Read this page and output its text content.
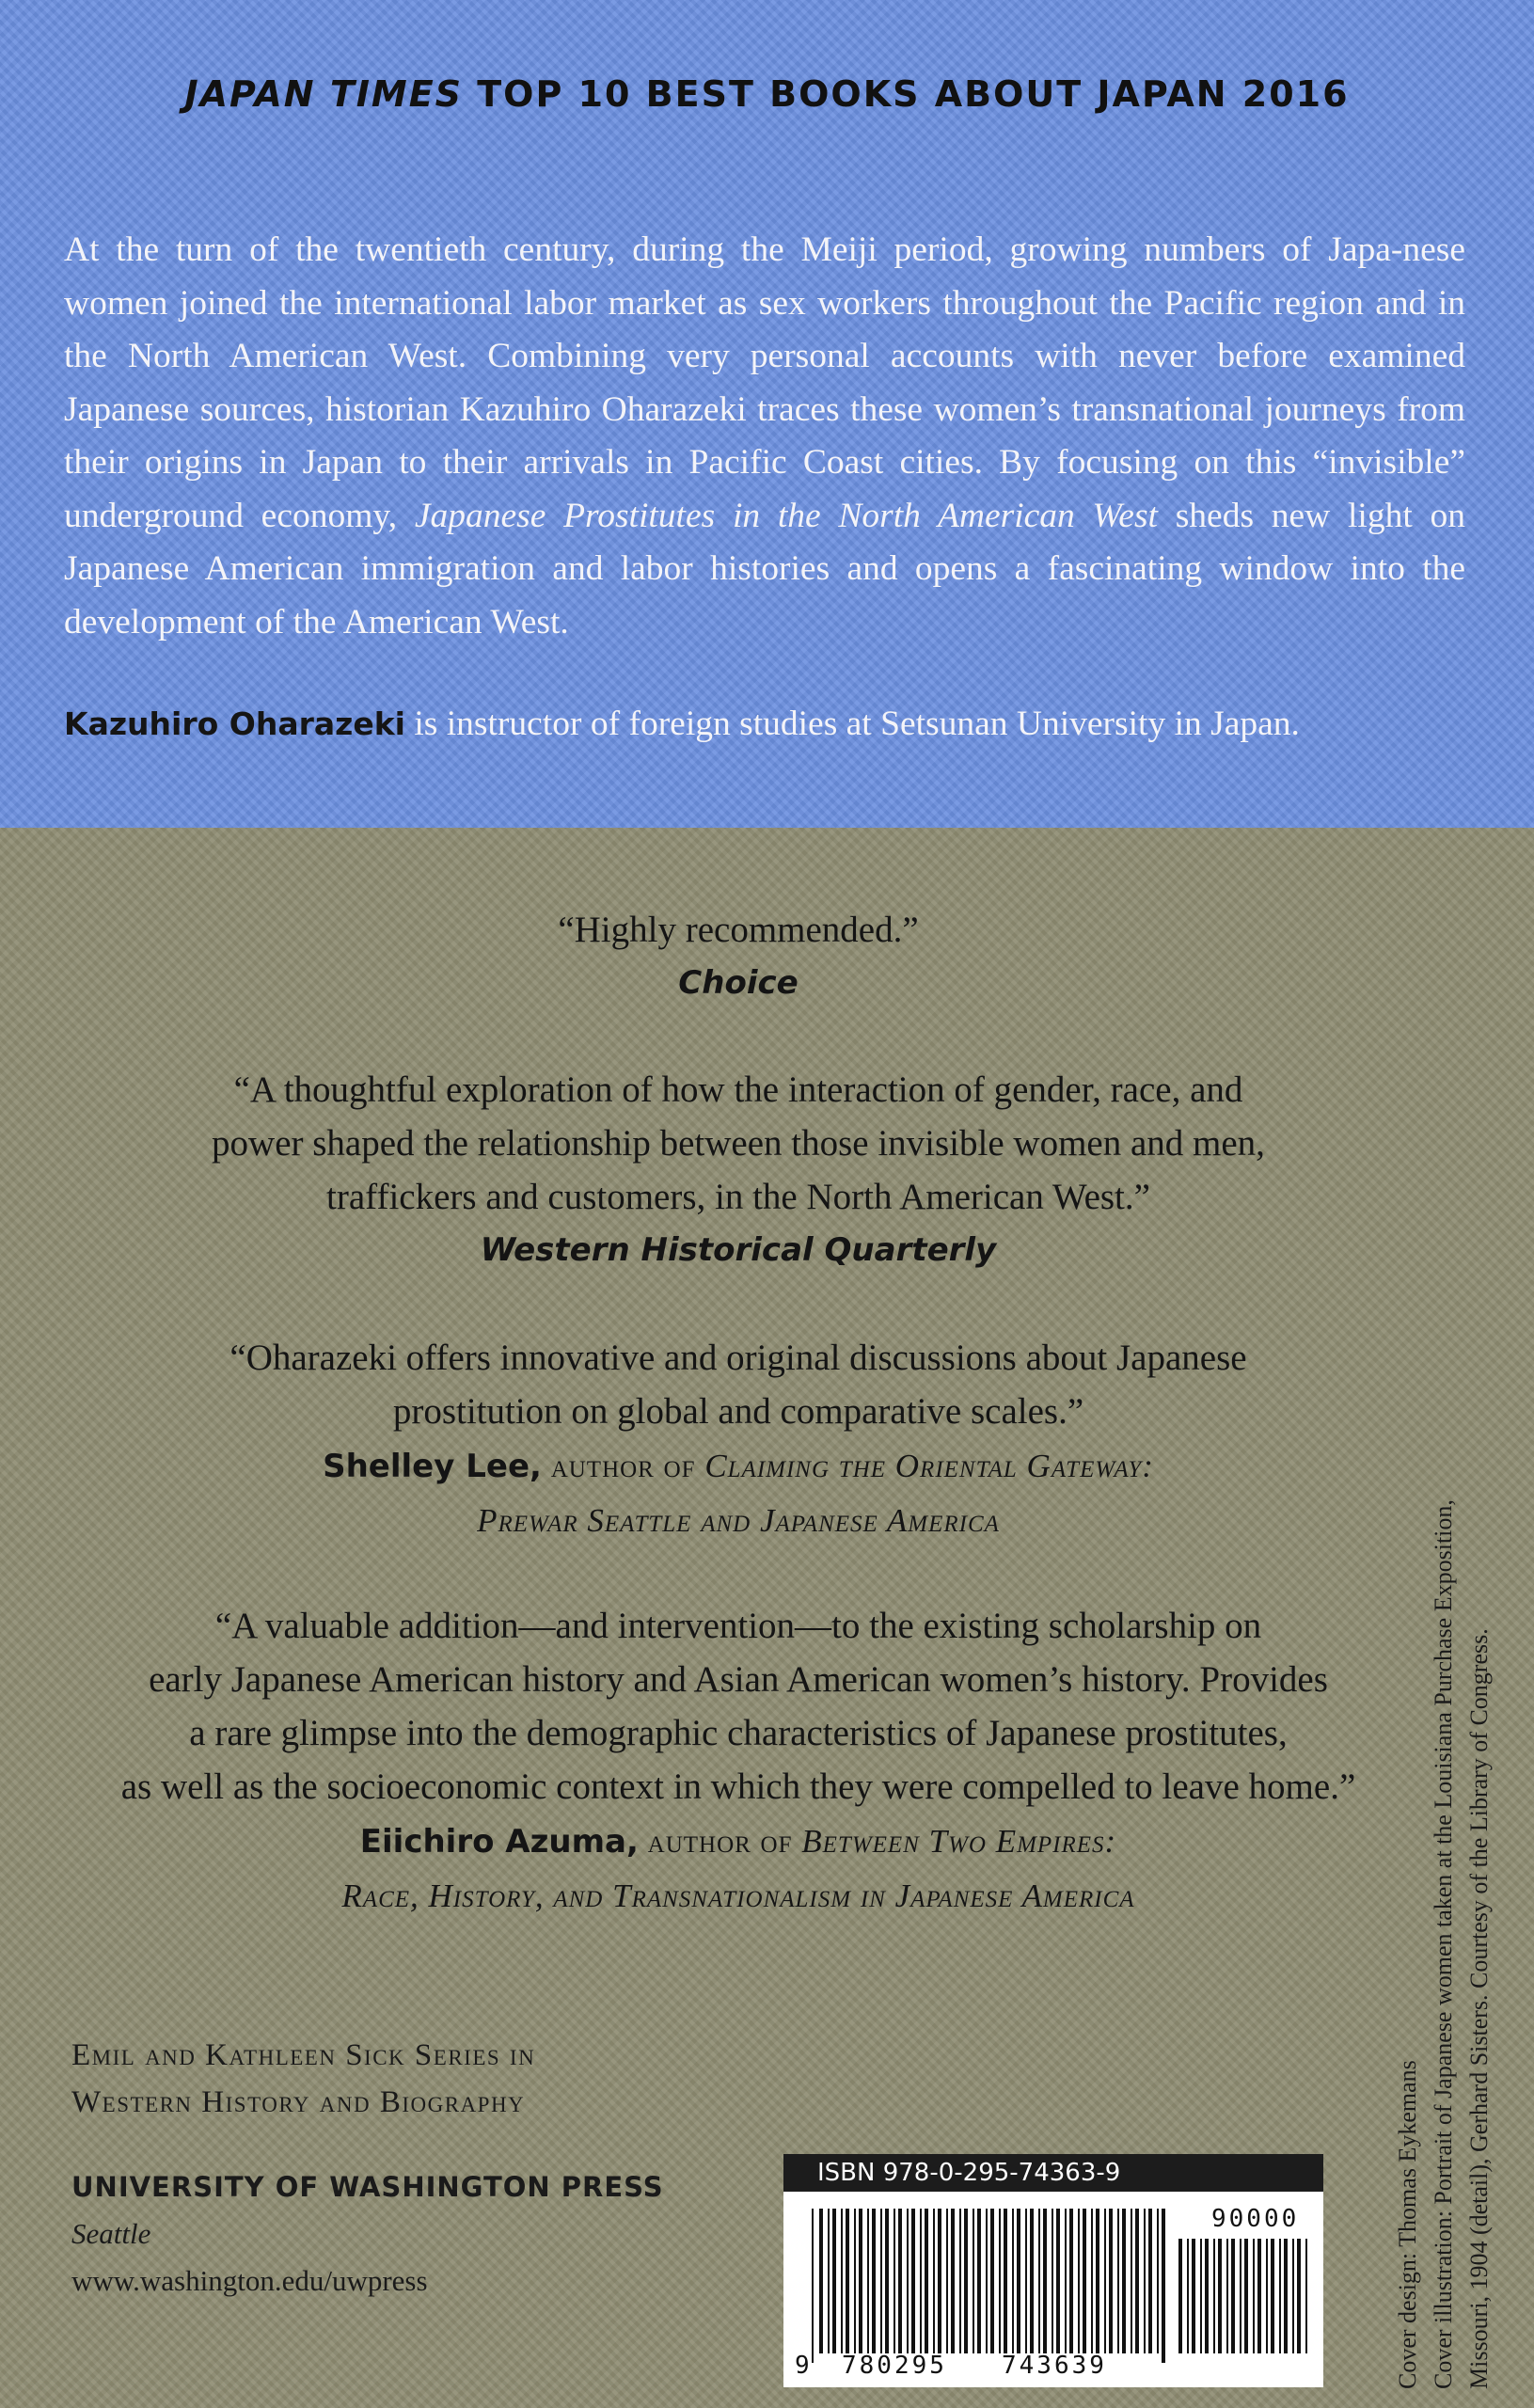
JAPAN TIMES TOP 10 BEST BOOKS ABOUT JAPAN 2016
At the turn of the twentieth century, during the Meiji period, growing numbers of Japa-nese women joined the international labor market as sex workers throughout the Pacific region and in the North American West. Combining very personal accounts with never before examined Japanese sources, historian Kazuhiro Oharazeki traces these women’s transnational journeys from their origins in Japan to their arrivals in Pacific Coast cities. By focusing on this “invisible” underground economy, Japanese Prostitutes in the North American West sheds new light on Japanese American immigration and labor histories and opens a fascinating window into the development of the American West.
Kazuhiro Oharazeki is instructor of foreign studies at Setsunan University in Japan.
“Highly recommended.”
Choice
“A thoughtful exploration of how the interaction of gender, race, and
power shaped the relationship between those invisible women and men,
traffickers and customers, in the North American West.”
Western Historical Quarterly
“Oharazeki offers innovative and original discussions about Japanese
prostitution on global and comparative scales.”
Shelley Lee, author of Claiming the Oriental Gateway:
Prewar Seattle and Japanese America
“A valuable addition—and intervention—to the existing scholarship on
early Japanese American history and Asian American women’s history. Provides
a rare glimpse into the demographic characteristics of Japanese prostitutes,
as well as the socioeconomic context in which they were compelled to leave home.”
Eiichiro Azuma, author of Between Two Empires:
Race, History, and Transnationalism in Japanese America
Emil and Kathleen Sick Series in
Western History and Biography
UNIVERSITY OF WASHINGTON PRESS
Seattle
www.washington.edu/uwpress
ISBN 978-0-295-74363-9
90000
9 780295 743639	Cover design: Thomas Eykemans Cover illustration: Portrait of Japanese women taken at the Louisiana Purchase Exposition, Missouri, 1904 (detail), Gerhard Sisters. Courtesy of the Library of Congress.
